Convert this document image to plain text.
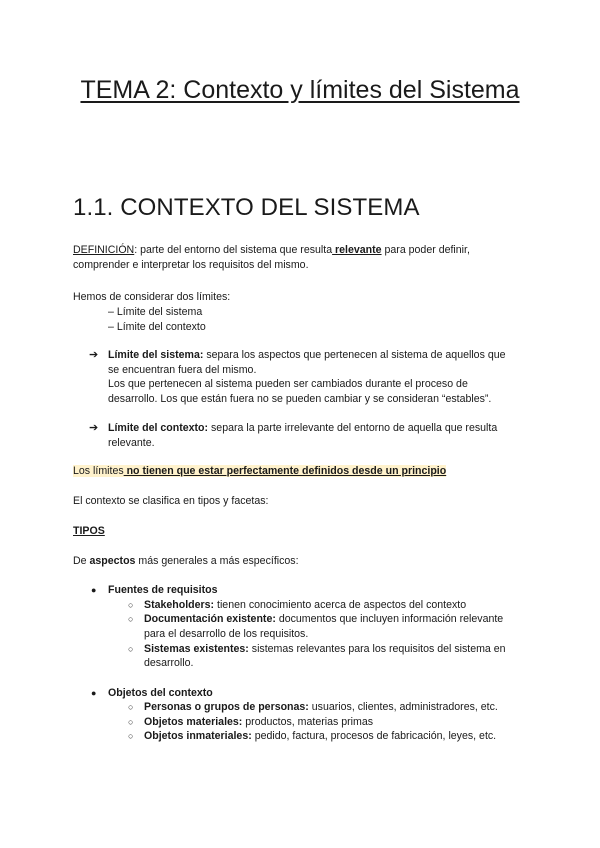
TEMA 2: Contexto y límites del Sistema
1.1. CONTEXTO DEL SISTEMA

DEFINICIÓN: parte del entorno del sistema que resulta relevante para poder definir,

comprender e interpretar los requisitos del mismo.

Hemos de considerar dos límites:

– Límite del sistema

– Límite del contexto

➔ Límite del sistema: separa los aspectos que pertenecen al sistema de aquellos que

se encuentran fuera del mismo.

Los que pertenecen al sistema pueden ser cambiados durante el proceso de

desarrollo. Los que están fuera no se pueden cambiar y se consideran “estables”.

➔ Límite del contexto: separa la parte irrelevante del entorno de aquella que resulta

relevante.

Los límites no tienen que estar perfectamente definidos desde un principio

El contexto se clasifica en tipos y facetas:

TIPOS

De aspectos más generales a más específicos:

● Fuentes de requisitos

○ Stakeholders: tienen conocimiento acerca de aspectos del contexto

○ Documentación existente: documentos que incluyen información relevante

para el desarrollo de los requisitos.

○ Sistemas existentes: sistemas relevantes para los requisitos del sistema en

desarrollo.

● Objetos del contexto

○ Personas o grupos de personas: usuarios, clientes, administradores, etc.

○ Objetos materiales: productos, materias primas

○ Objetos inmateriales: pedido, factura, procesos de fabricación, leyes, etc.
